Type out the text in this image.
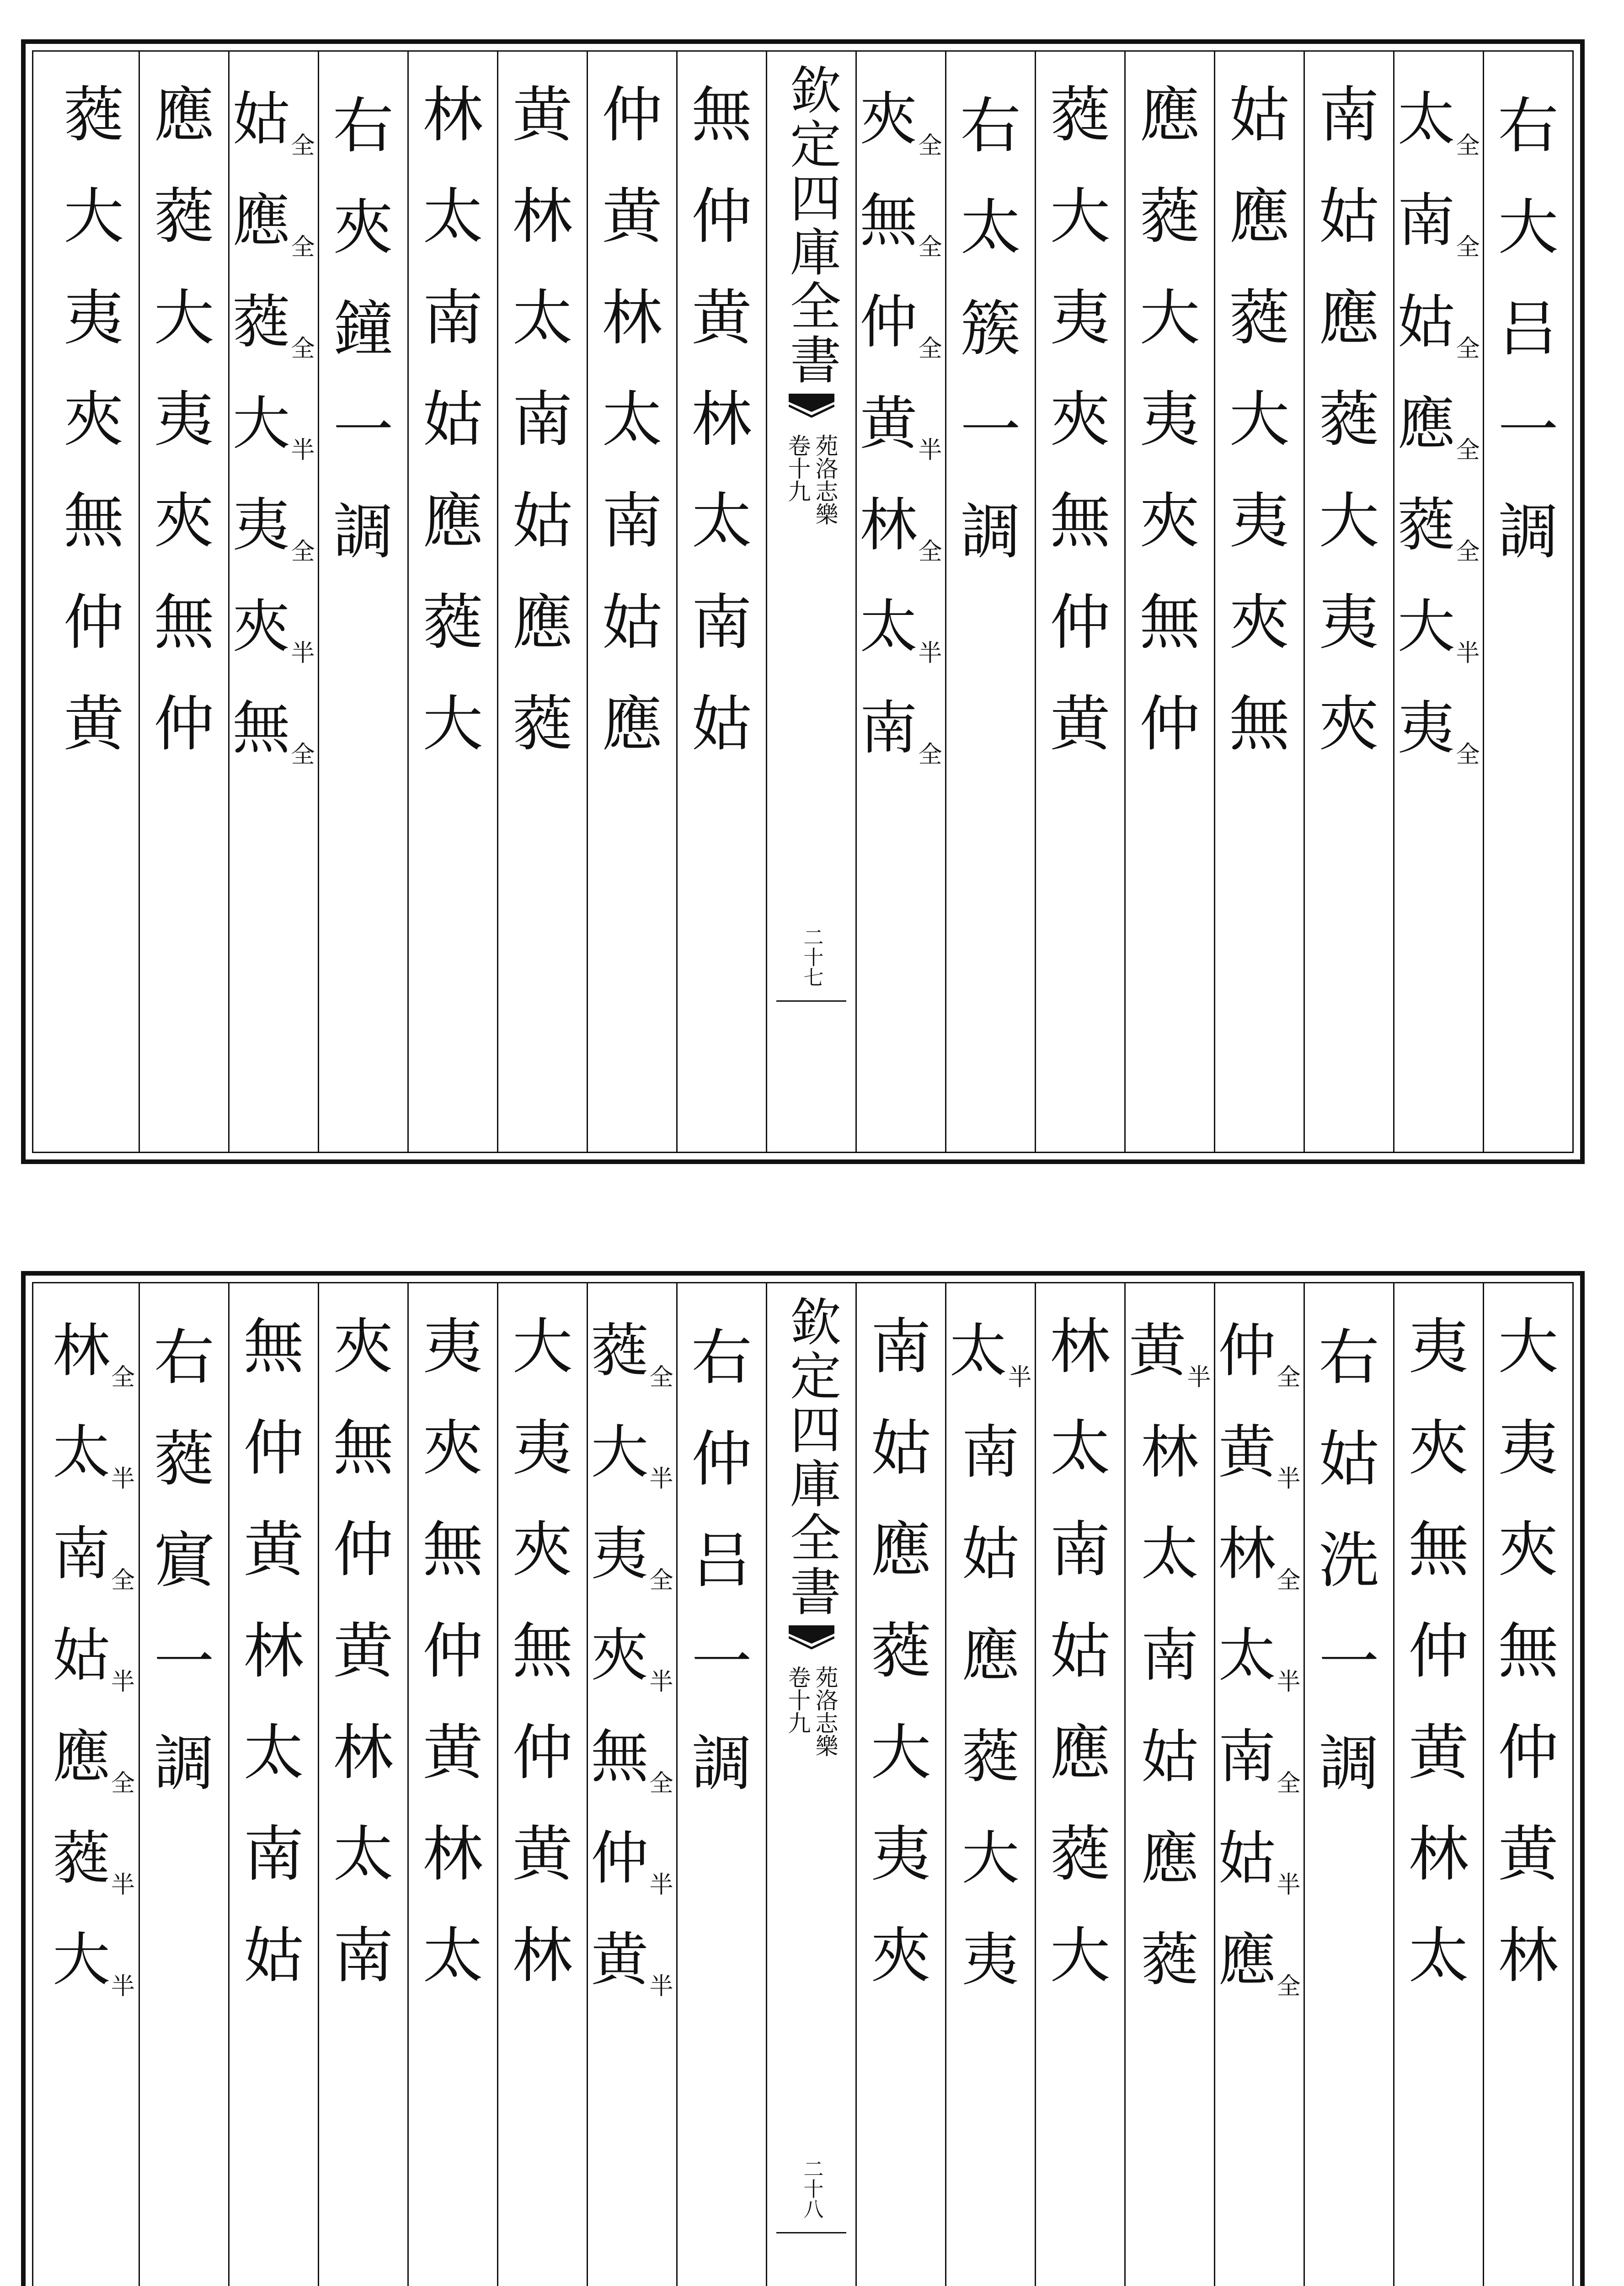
右
大
吕
一
調
太 全
南 全
姑 全
應 全
蕤 全
大 半
夷 全
南
姑
應
蕤
大
夷
夾
姑
應
蕤
大
夷
夾
無
應
蕤
大
夷
夾
無
仲
蕤
大
夷
夾
無
仲
黄
右
太
簇
一
調
夾 全
無 全
仲 全
黄 半
林 全
太 半
南 全
欽定四庫全書
苑洛志樂
卷十九
二十七
無
仲
黄
林
太
南
姑
仲
黄
林
太
南
姑
應
黄
林
太
南
姑
應
蕤
林
太
南
姑
應
蕤
大
右
夾
鐘
一
調
姑 全
應 全
蕤 全
大 半
夷 全
夾 半
無 全
應
蕤
大
夷
夾
無
仲
蕤
大
夷
夾
無
仲
黄
大
夷
夾
無
仲
黄
林
夷
夾
無
仲
黄
林
太
右
姑
洗
一
調
仲 全
黄 半
林 全
太 半
南 全
姑 半
應 全
黄 半
林
太
南
姑
應
蕤
林
太
南
姑
應
蕤
大
太 半
南
姑
應
蕤
大
夷
南
姑
應
蕤
大
夷
夾
欽定四庫全書
苑洛志樂
卷十九
二十八
右
仲
吕
一
調
蕤 全
大 半
夷 全
夾 半
無 全
仲 半
黄 半
大
夷
夾
無
仲
黄
林
夷
夾
無
仲
黄
林
太
夾
無
仲
黄
林
太
南
無
仲
黄
林
太
南
姑
右
蕤
賔
一
調
林 全
太 半
南 全
姑 半
應 全
蕤 半
大 半
